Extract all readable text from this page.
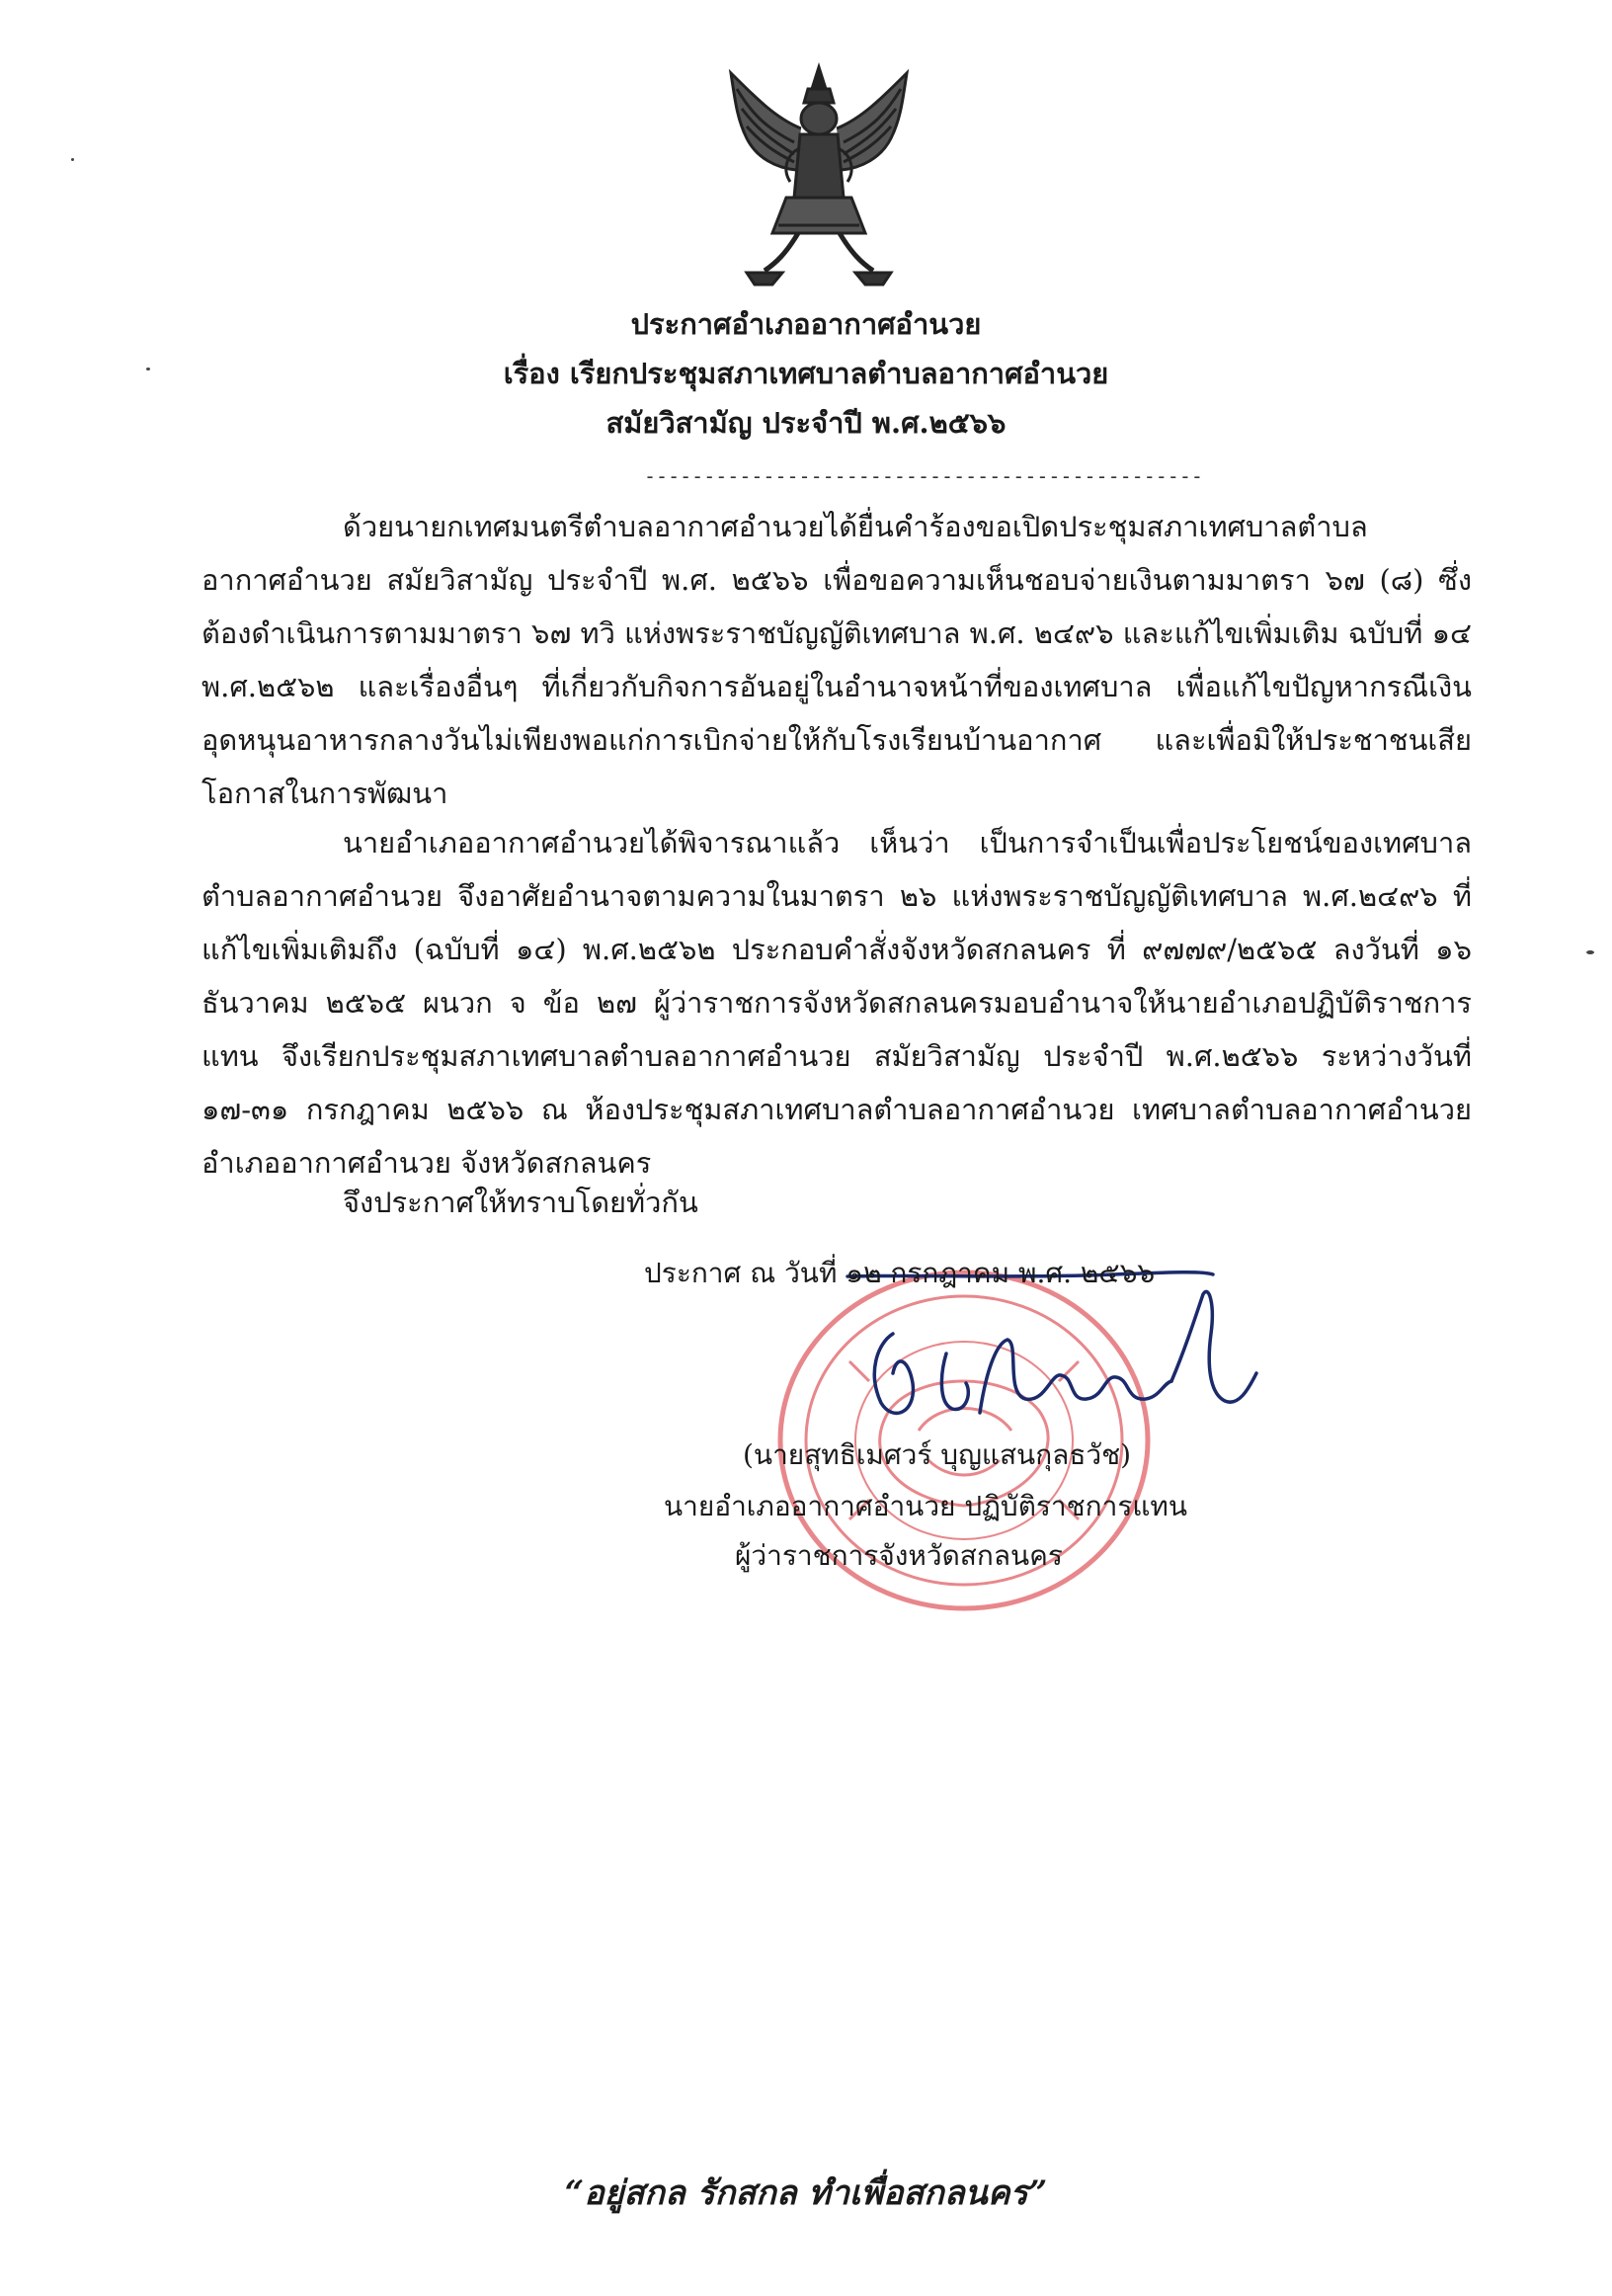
ประกาศอำเภออากาศอำนวย
เรื่อง เรียกประชุมสภาเทศบาลตำบลอากาศอำนวย
สมัยวิสามัญ ประจำปี พ.ศ.๒๕๖๖
-----------------------------------------------

ด้วยนายกเทศมนตรีตำบลอากาศอำนวยได้ยื่นคำร้องขอเปิดประชุมสภาเทศบาลตำบลอากาศอำนวย สมัยวิสามัญ ประจำปี พ.ศ. ๒๕๖๖ เพื่อขอความเห็นชอบจ่ายเงินตามมาตรา ๖๗ (๘) ซึ่งต้องดำเนินการตามมาตรา ๖๗ ทวิ แห่งพระราชบัญญัติเทศบาล พ.ศ. ๒๔๙๖ และแก้ไขเพิ่มเติม ฉบับที่ ๑๔ พ.ศ.๒๕๖๒ และเรื่องอื่นๆ ที่เกี่ยวกับกิจการอันอยู่ในอำนาจหน้าที่ของเทศบาล เพื่อแก้ไขปัญหากรณีเงินอุดหนุนอาหารกลางวันไม่เพียงพอแก่การเบิกจ่ายให้กับโรงเรียนบ้านอากาศ และเพื่อมิให้ประชาชนเสียโอกาสในการพัฒนา

นายอำเภออากาศอำนวยได้พิจารณาแล้ว เห็นว่า เป็นการจำเป็นเพื่อประโยชน์ของเทศบาลตำบลอากาศอำนวย จึงอาศัยอำนาจตามความในมาตรา ๒๖ แห่งพระราชบัญญัติเทศบาล พ.ศ.๒๔๙๖ ที่แก้ไขเพิ่มเติมถึง (ฉบับที่ ๑๔) พ.ศ.๒๕๖๒ ประกอบคำสั่งจังหวัดสกลนคร ที่ ๙๗๗๙/๒๕๖๕ ลงวันที่ ๑๖ ธันวาคม ๒๕๖๕ ผนวก จ ข้อ ๒๗ ผู้ว่าราชการจังหวัดสกลนครมอบอำนาจให้นายอำเภอปฏิบัติราชการแทน จึงเรียกประชุมสภาเทศบาลตำบลอากาศอำนวย สมัยวิสามัญ ประจำปี พ.ศ.๒๕๖๖ ระหว่างวันที่ ๑๗-๓๑ กรกฎาคม ๒๕๖๖ ณ ห้องประชุมสภาเทศบาลตำบลอากาศอำนวย เทศบาลตำบลอากาศอำนวย อำเภออากาศอำนวย จังหวัดสกลนคร

จึงประกาศให้ทราบโดยทั่วกัน

ประกาศ ณ วันที่ ๑๒ กรกฎาคม พ.ศ. ๒๕๖๖
(นายสุทธิเมศวร์ บุญแสนกุลธวัช)
นายอำเภออากาศอำนวย ปฏิบัติราชการแทน
ผู้ว่าราชการจังหวัดสกลนคร
“อยู่สกล รักสกล ทำเพื่อสกลนคร”
